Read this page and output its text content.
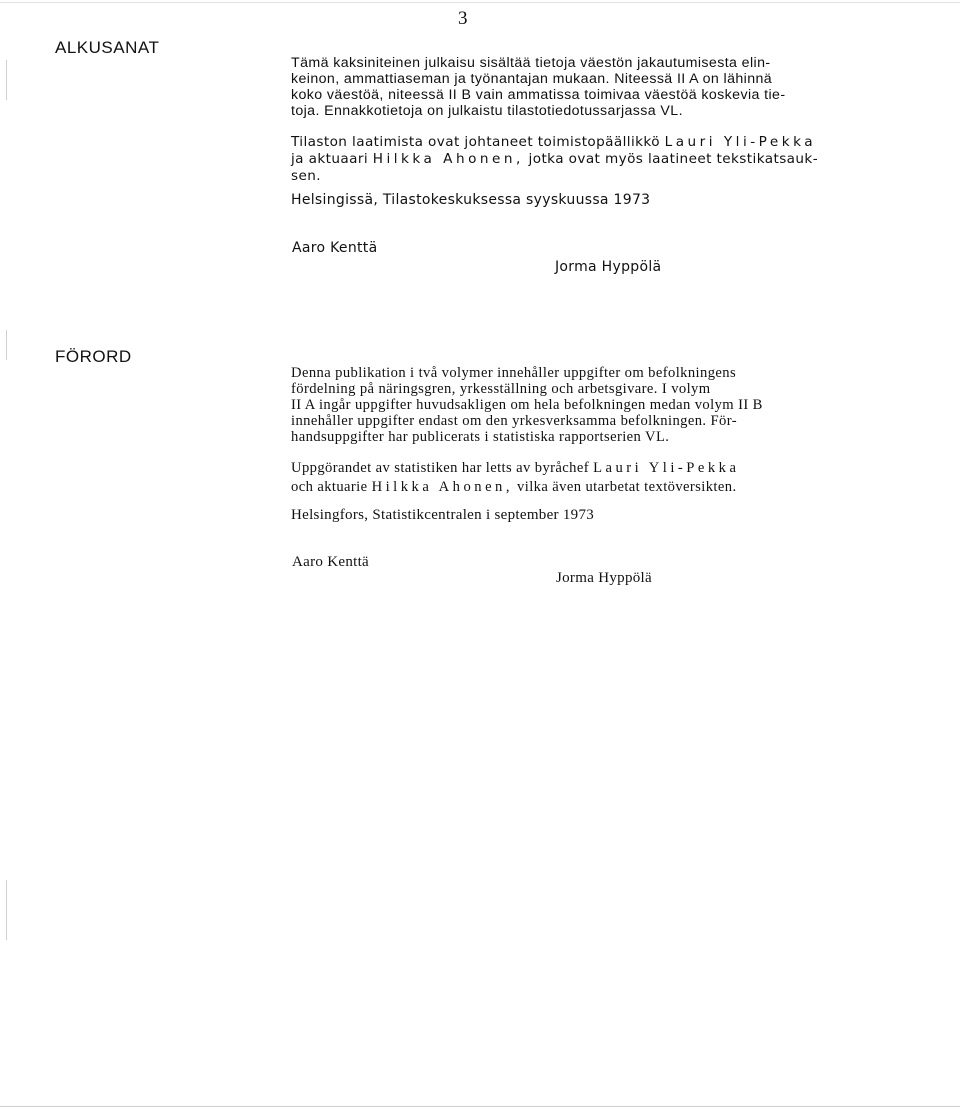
3
ALKUSANAT

Tämä kaksiniteinen julkaisu sisältää tietoja väestön jakautumisesta elin-
keinon, ammattiaseman ja työnantajan mukaan. Niteessä II A on lähinnä
koko väestöä, niteessä II B vain ammatissa toimivaa väestöä koskevia tie-
toja. Ennakkotietoja on julkaistu tilastotiedotussarjassa VL.

Tilaston laatimista ovat johtaneet toimistopäällikkö Lauri Yli-Pekka
ja aktuaari Hilkka Ahonen, jotka ovat myös laatineet tekstikatsauk-
sen.

Helsingissä, Tilastokeskuksessa syyskuussa 1973
Aaro Kenttä
Jorma Hyppölä
FÖRORD

Denna publikation i två volymer innehåller uppgifter om befolkningens
fördelning på näringsgren, yrkesställning och arbetsgivare. I volym
II A ingår uppgifter huvudsakligen om hela befolkningen medan volym II B
innehåller uppgifter endast om den yrkesverksamma befolkningen. För-
handsuppgifter har publicerats i statistiska rapportserien VL.

Uppgörandet av statistiken har letts av byråchef Lauri Yli-Pekka
och aktuarie Hilkka Ahonen, vilka även utarbetat textöversikten.

Helsingfors, Statistikcentralen i september 1973
Aaro Kenttä
Jorma Hyppölä
